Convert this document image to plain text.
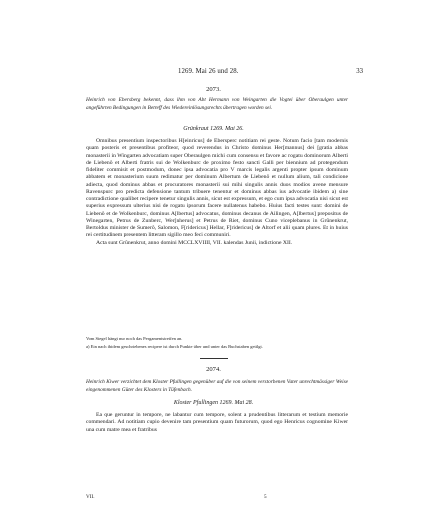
1269. Mai 26 und 28.	33
2073.
Heinrich von Ebersberg bekennt, dass ihm von Abt Hermann von Weingarten die Vogtei über Oberaulgen unter angeführten Bedingungen in Betreff des Wiedereinlösungsrechts übertragen worden sei.
Grünkraut 1269. Mai 26.

Omnibus presentium inspectoribus H[einricus] de Ebersperc notitiam rei geste. Notum facio [tam modernis quam posteris et presentibus profiteor, quod reverendus in Christo dominus Her[mannus] dei [gratia abbas monasterii in Wingarten advocatiam super Oberaulgen michi cum consensu et favore ac rogatu dominorum Alberti de Liebenô et Alberti fratris sui de Wolkenburc de proximo festo sancti Galli per biennium ad protegendum fideliter commisit et postmodum, donec ipsa advocatia pro V marcis legalis argenti propter ipsum dominum abbatem et monasterium suum redimatur per dominum Albertum de Liebenô et nullum alium, tali condicione adiecta, quod dominus abbas et procuratores monasterii sui mihi singulis annis duos modios avene mensure Ravenspurc pro predicta defensione tantum tribuere tenentur et dominus abbas ius advocatie ibidem a) sine contradictione qualibet recipere tenetur singulis annis, sicut est expressum, et ego cum ipsa advocatia nisi sicut est superius expressum ulterius nisi de rogatu ipsorum facere nullatenus habebo. Huius facti testes sunt: domini de Liebenô et de Wolkenburc, dominus A[lbertus] advocatus, dominus decanus de Ailingen, A[lbertus] prepositus de Winegarten, Petrus de Zunberc, Wer[nherus] et Petrus de Riet, dominus Cuno viceplebanus in Grûnenkrut, Bertoldus minister de Sumerô, Salomon, F[ridericus] Hellar, F[ridericus] de Altorf et alii quam plures. Et in huius rei certitudinem presentem litteram sigillo meo feci communiri.

Acta sunt Grûnenkrut, anno domini MCCLXVIIII, VII. kalendas Junii, indictione XII.

Vom Siegel hängt nur noch das Pergamentstreifen an.
a) Ein nach ibidem geschriebenes recipere ist durch Punkte über und unter das Buchstaben getilgt.
2074.
Heinrich Kiwer verzichtet dem Kloster Pfullingen gegenüber auf die von seinem verstorbenen Vater unrechtmässiger Weise eingenommenen Güter des Klosters in Tüfenbach.
Kloster Pfullingen 1269. Mai 28.

Ea que geruntur in tempore, ne labantur cum tempore, solent a prudentibus litterarum et testium memorie commendari. Ad notitiam cupio devenire tam presentium quam futurorum, quod ego Henricus cognomine Kiwer una cum matre mea et fratribus

VII.	5
